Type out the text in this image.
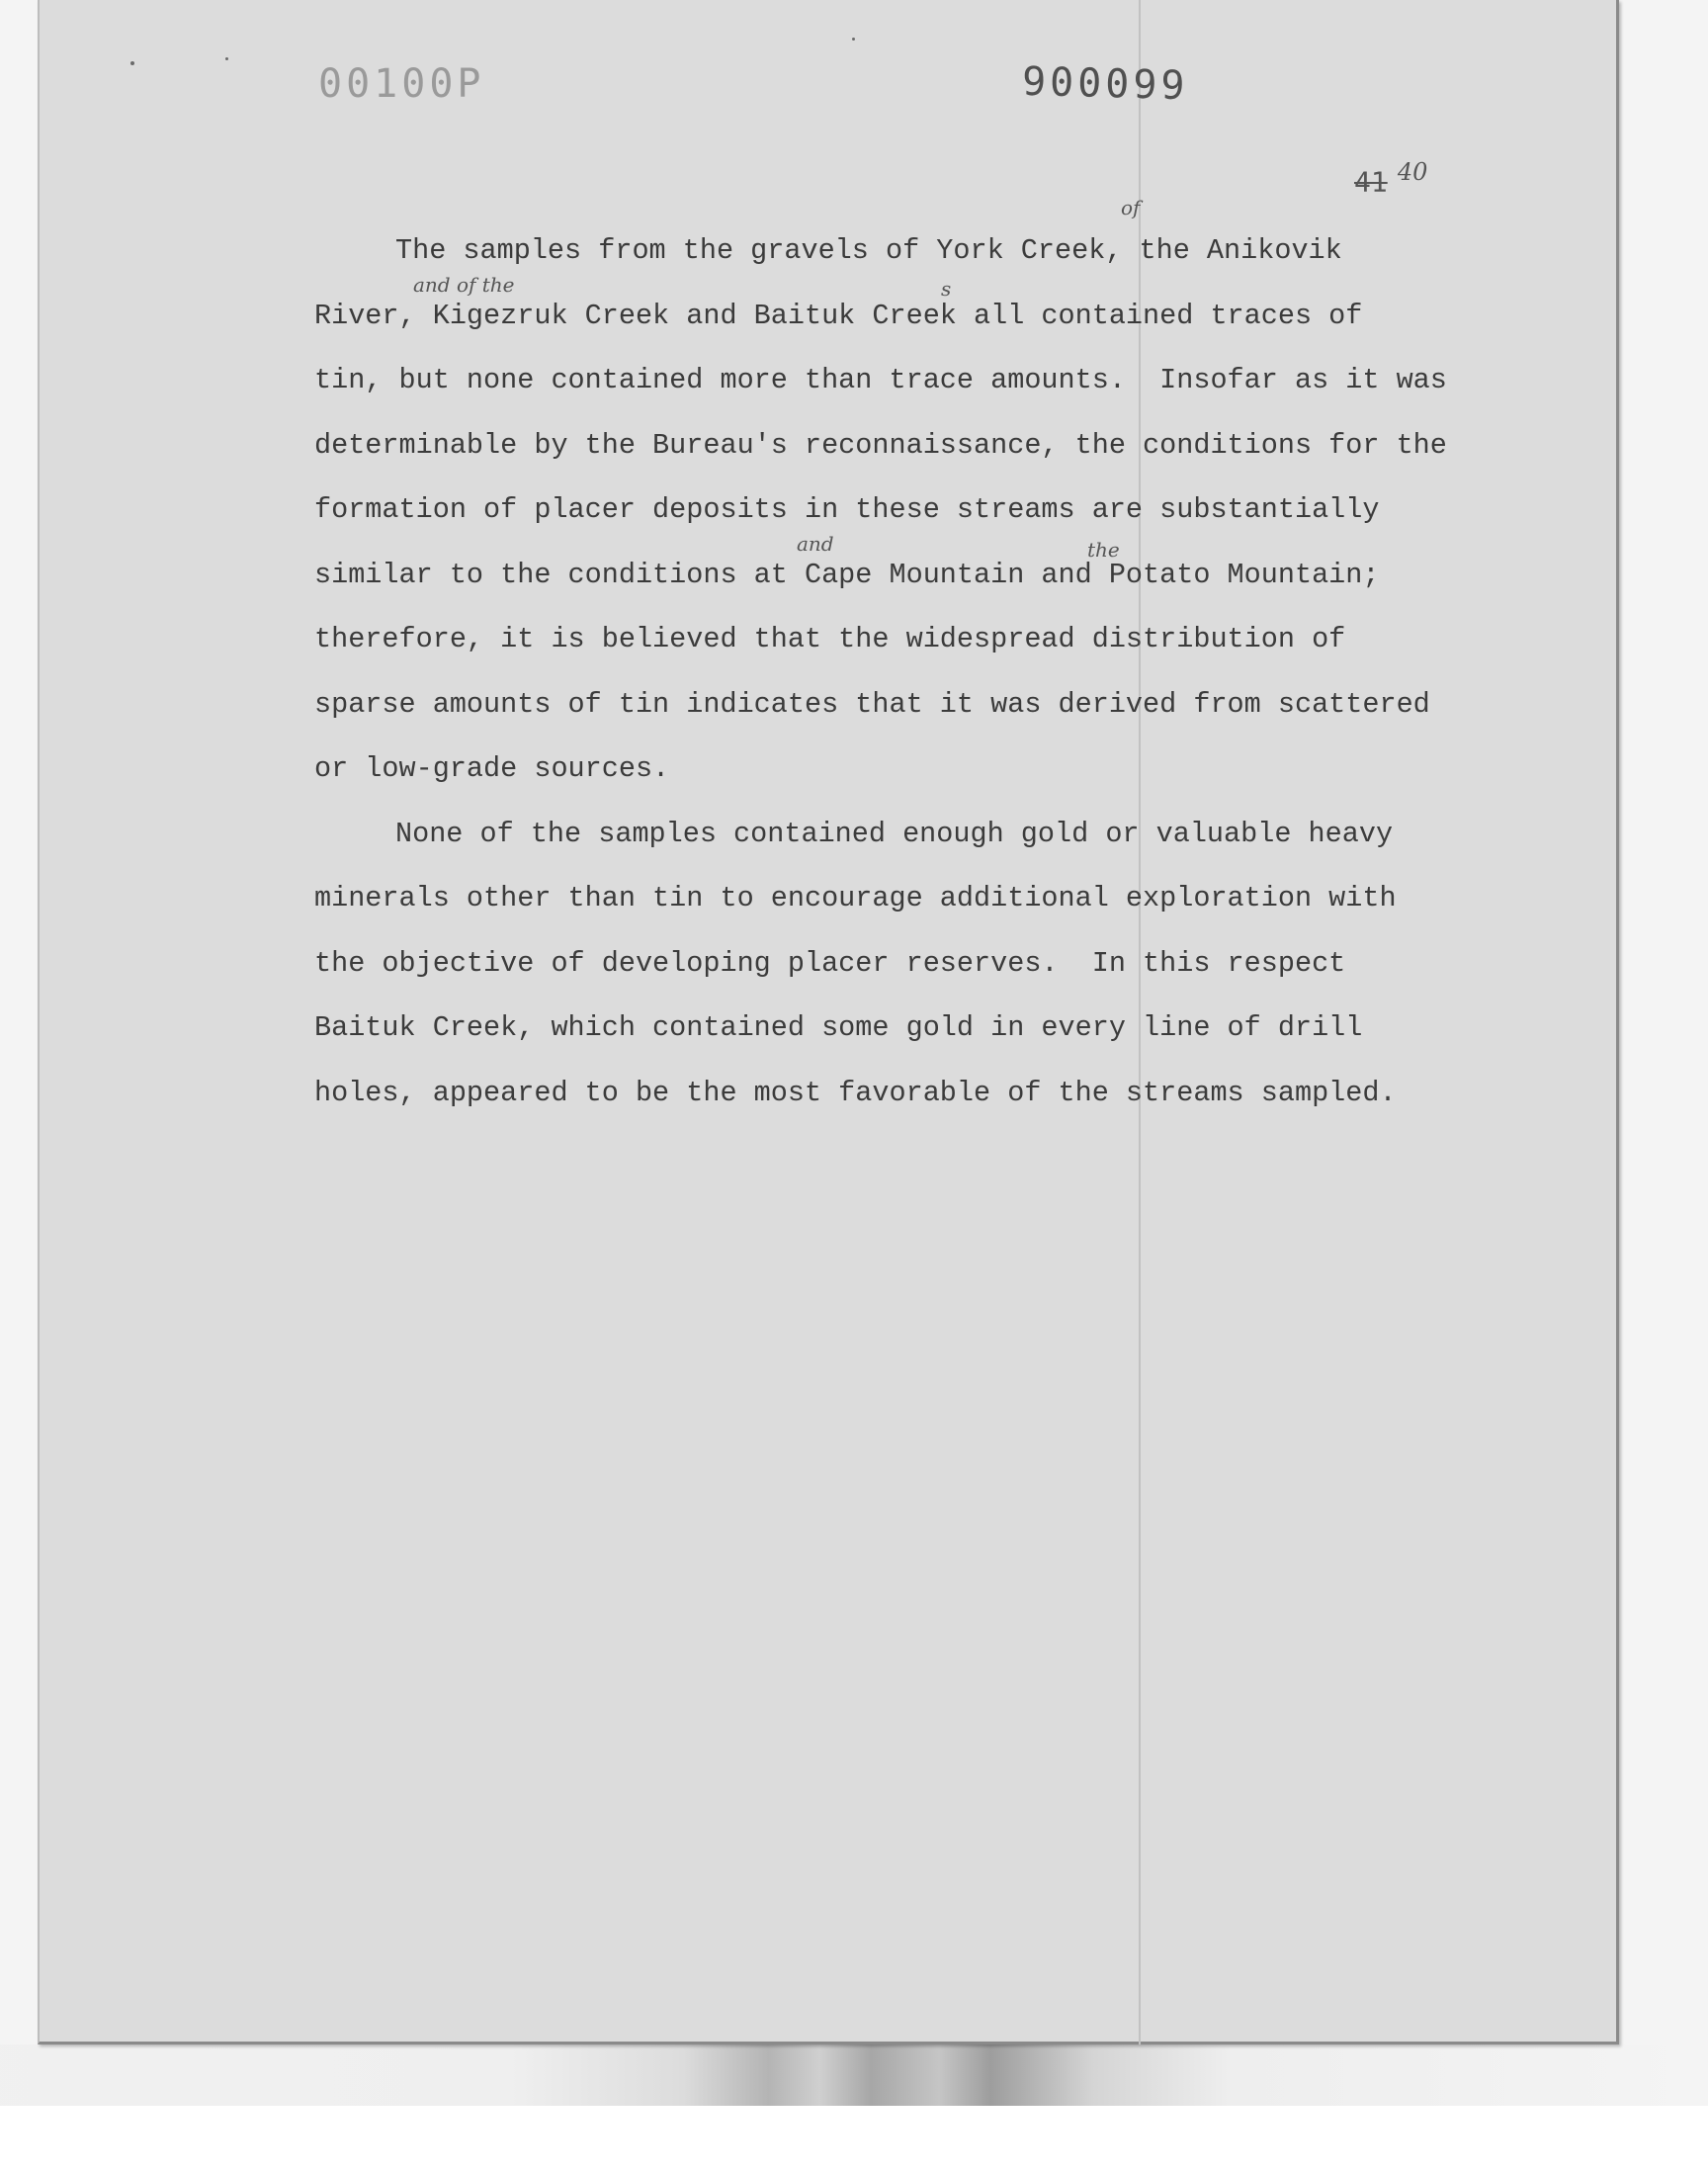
00100P	900099
41 $^{40}$
of
and of the	s
and	the
The samples from the gravels of York Creek, the Anikovik
River, Kigezruk Creek and Baituk Creek all contained traces of
tin, but none contained more than trace amounts.  Insofar as it was
determinable by the Bureau's reconnaissance, the conditions for the
formation of placer deposits in these streams are substantially
similar to the conditions at Cape Mountain and Potato Mountain;
therefore, it is believed that the widespread distribution of
sparse amounts of tin indicates that it was derived from scattered
or low-grade sources.
None of the samples contained enough gold or valuable heavy
minerals other than tin to encourage additional exploration with
the objective of developing placer reserves.  In this respect
Baituk Creek, which contained some gold in every line of drill
holes, appeared to be the most favorable of the streams sampled.
